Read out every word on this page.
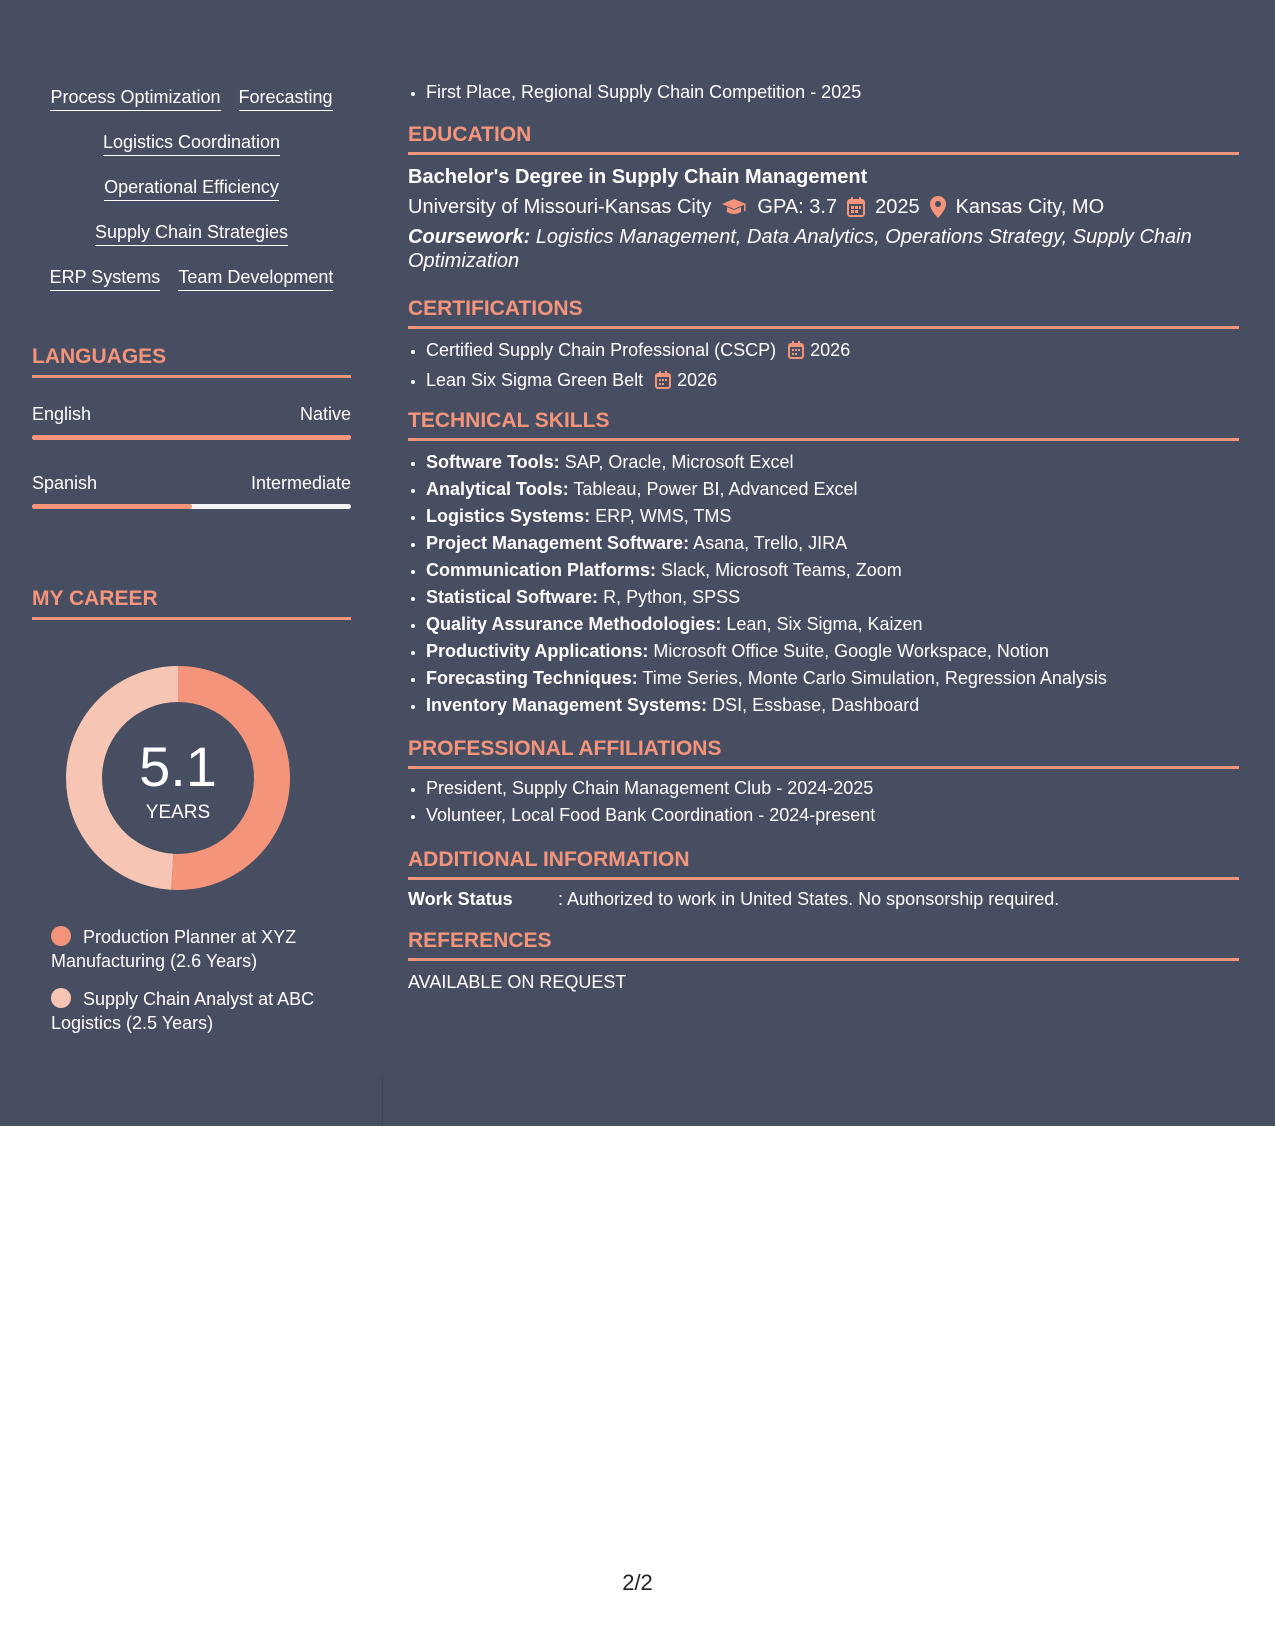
Process Optimization Forecasting
Logistics Coordination
Operational Efficiency
Supply Chain Strategies
ERP Systems Team Development
LANGUAGES
English	Native
Spanish	Intermediate
MY CAREER
5.1
YEARS
Production Planner at XYZ Manufacturing (2.6 Years)
Supply Chain Analyst at ABC Logistics (2.5 Years)
• First Place, Regional Supply Chain Competition - 2025
EDUCATION
Bachelor's Degree in Supply Chain Management
University of Missouri-Kansas City GPA: 3.7 2025 Kansas City, MO
Coursework: Logistics Management, Data Analytics, Operations Strategy, Supply Chain Optimization
CERTIFICATIONS
• Certified Supply Chain Professional (CSCP) 2026
• Lean Six Sigma Green Belt 2026
TECHNICAL SKILLS
• Software Tools: SAP, Oracle, Microsoft Excel
• Analytical Tools: Tableau, Power BI, Advanced Excel
• Logistics Systems: ERP, WMS, TMS
• Project Management Software: Asana, Trello, JIRA
• Communication Platforms: Slack, Microsoft Teams, Zoom
• Statistical Software: R, Python, SPSS
• Quality Assurance Methodologies: Lean, Six Sigma, Kaizen
• Productivity Applications: Microsoft Office Suite, Google Workspace, Notion
• Forecasting Techniques: Time Series, Monte Carlo Simulation, Regression Analysis
• Inventory Management Systems: DSI, Essbase, Dashboard
PROFESSIONAL AFFILIATIONS
• President, Supply Chain Management Club - 2024-2025
• Volunteer, Local Food Bank Coordination - 2024-present
ADDITIONAL INFORMATION
Work Status	: Authorized to work in United States. No sponsorship required.
REFERENCES
AVAILABLE ON REQUEST
2/2
